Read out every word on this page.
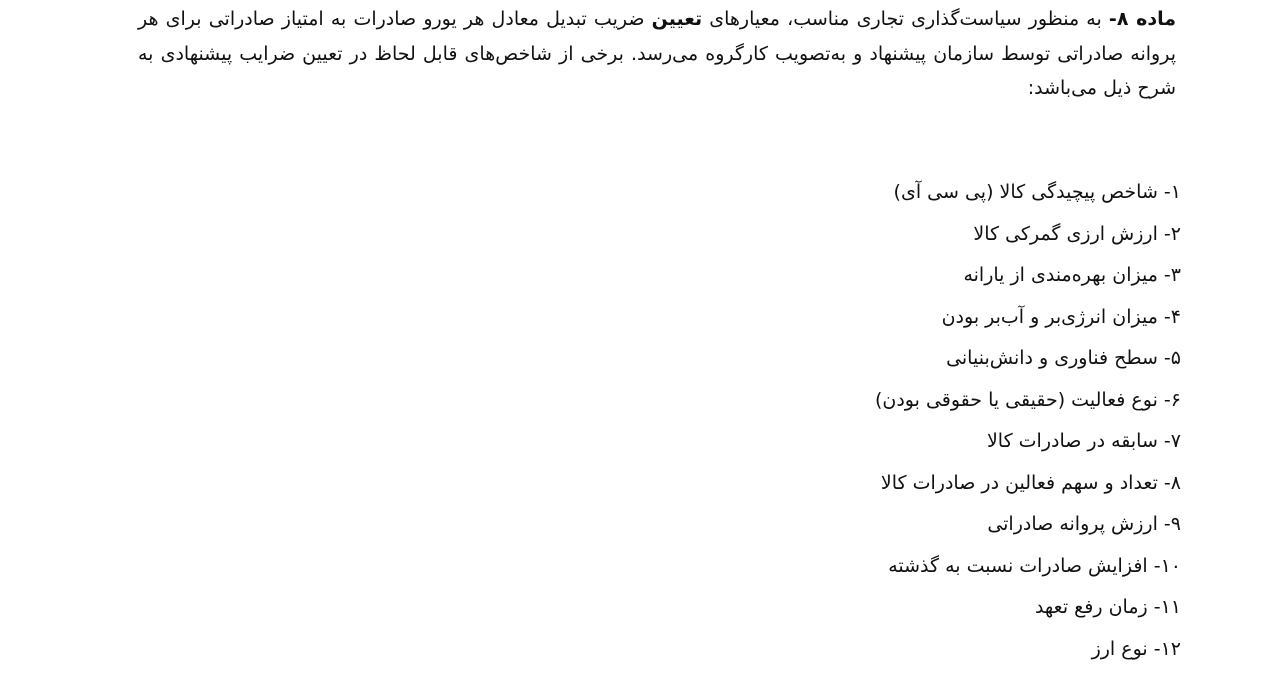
ماده ۸- به منظور سیاست‌گذاری تجاری مناسب، معیارهای تعیین ضریب تبدیل معادل هر یورو صادرات به امتیاز صادراتی برای هر پروانه صادراتی توسط سازمان پیشنهاد و به‌تصویب کارگروه می‌رسد. برخی از شاخص‌های قابل لحاظ در تعیین ضرایب پیشنهادی به شرح ذیل می‌باشد:

۱- شاخص پیچیدگی کالا (پی سی آی)
۲- ارزش ارزی گمرکی کالا
۳- میزان بهره‌مندی از یارانه
۴- میزان انرژی‌بر و آب‌بر بودن
۵- سطح فناوری و دانش‌بنیانی
۶- نوع فعالیت (حقیقی یا حقوقی بودن)
۷- سابقه در صادرات کالا
۸- تعداد و سهم فعالین در صادرات کالا
۹- ارزش پروانه صادراتی
۱۰- افزایش صادرات نسبت به گذشته
۱۱- زمان رفع تعهد
۱۲- نوع ارز
